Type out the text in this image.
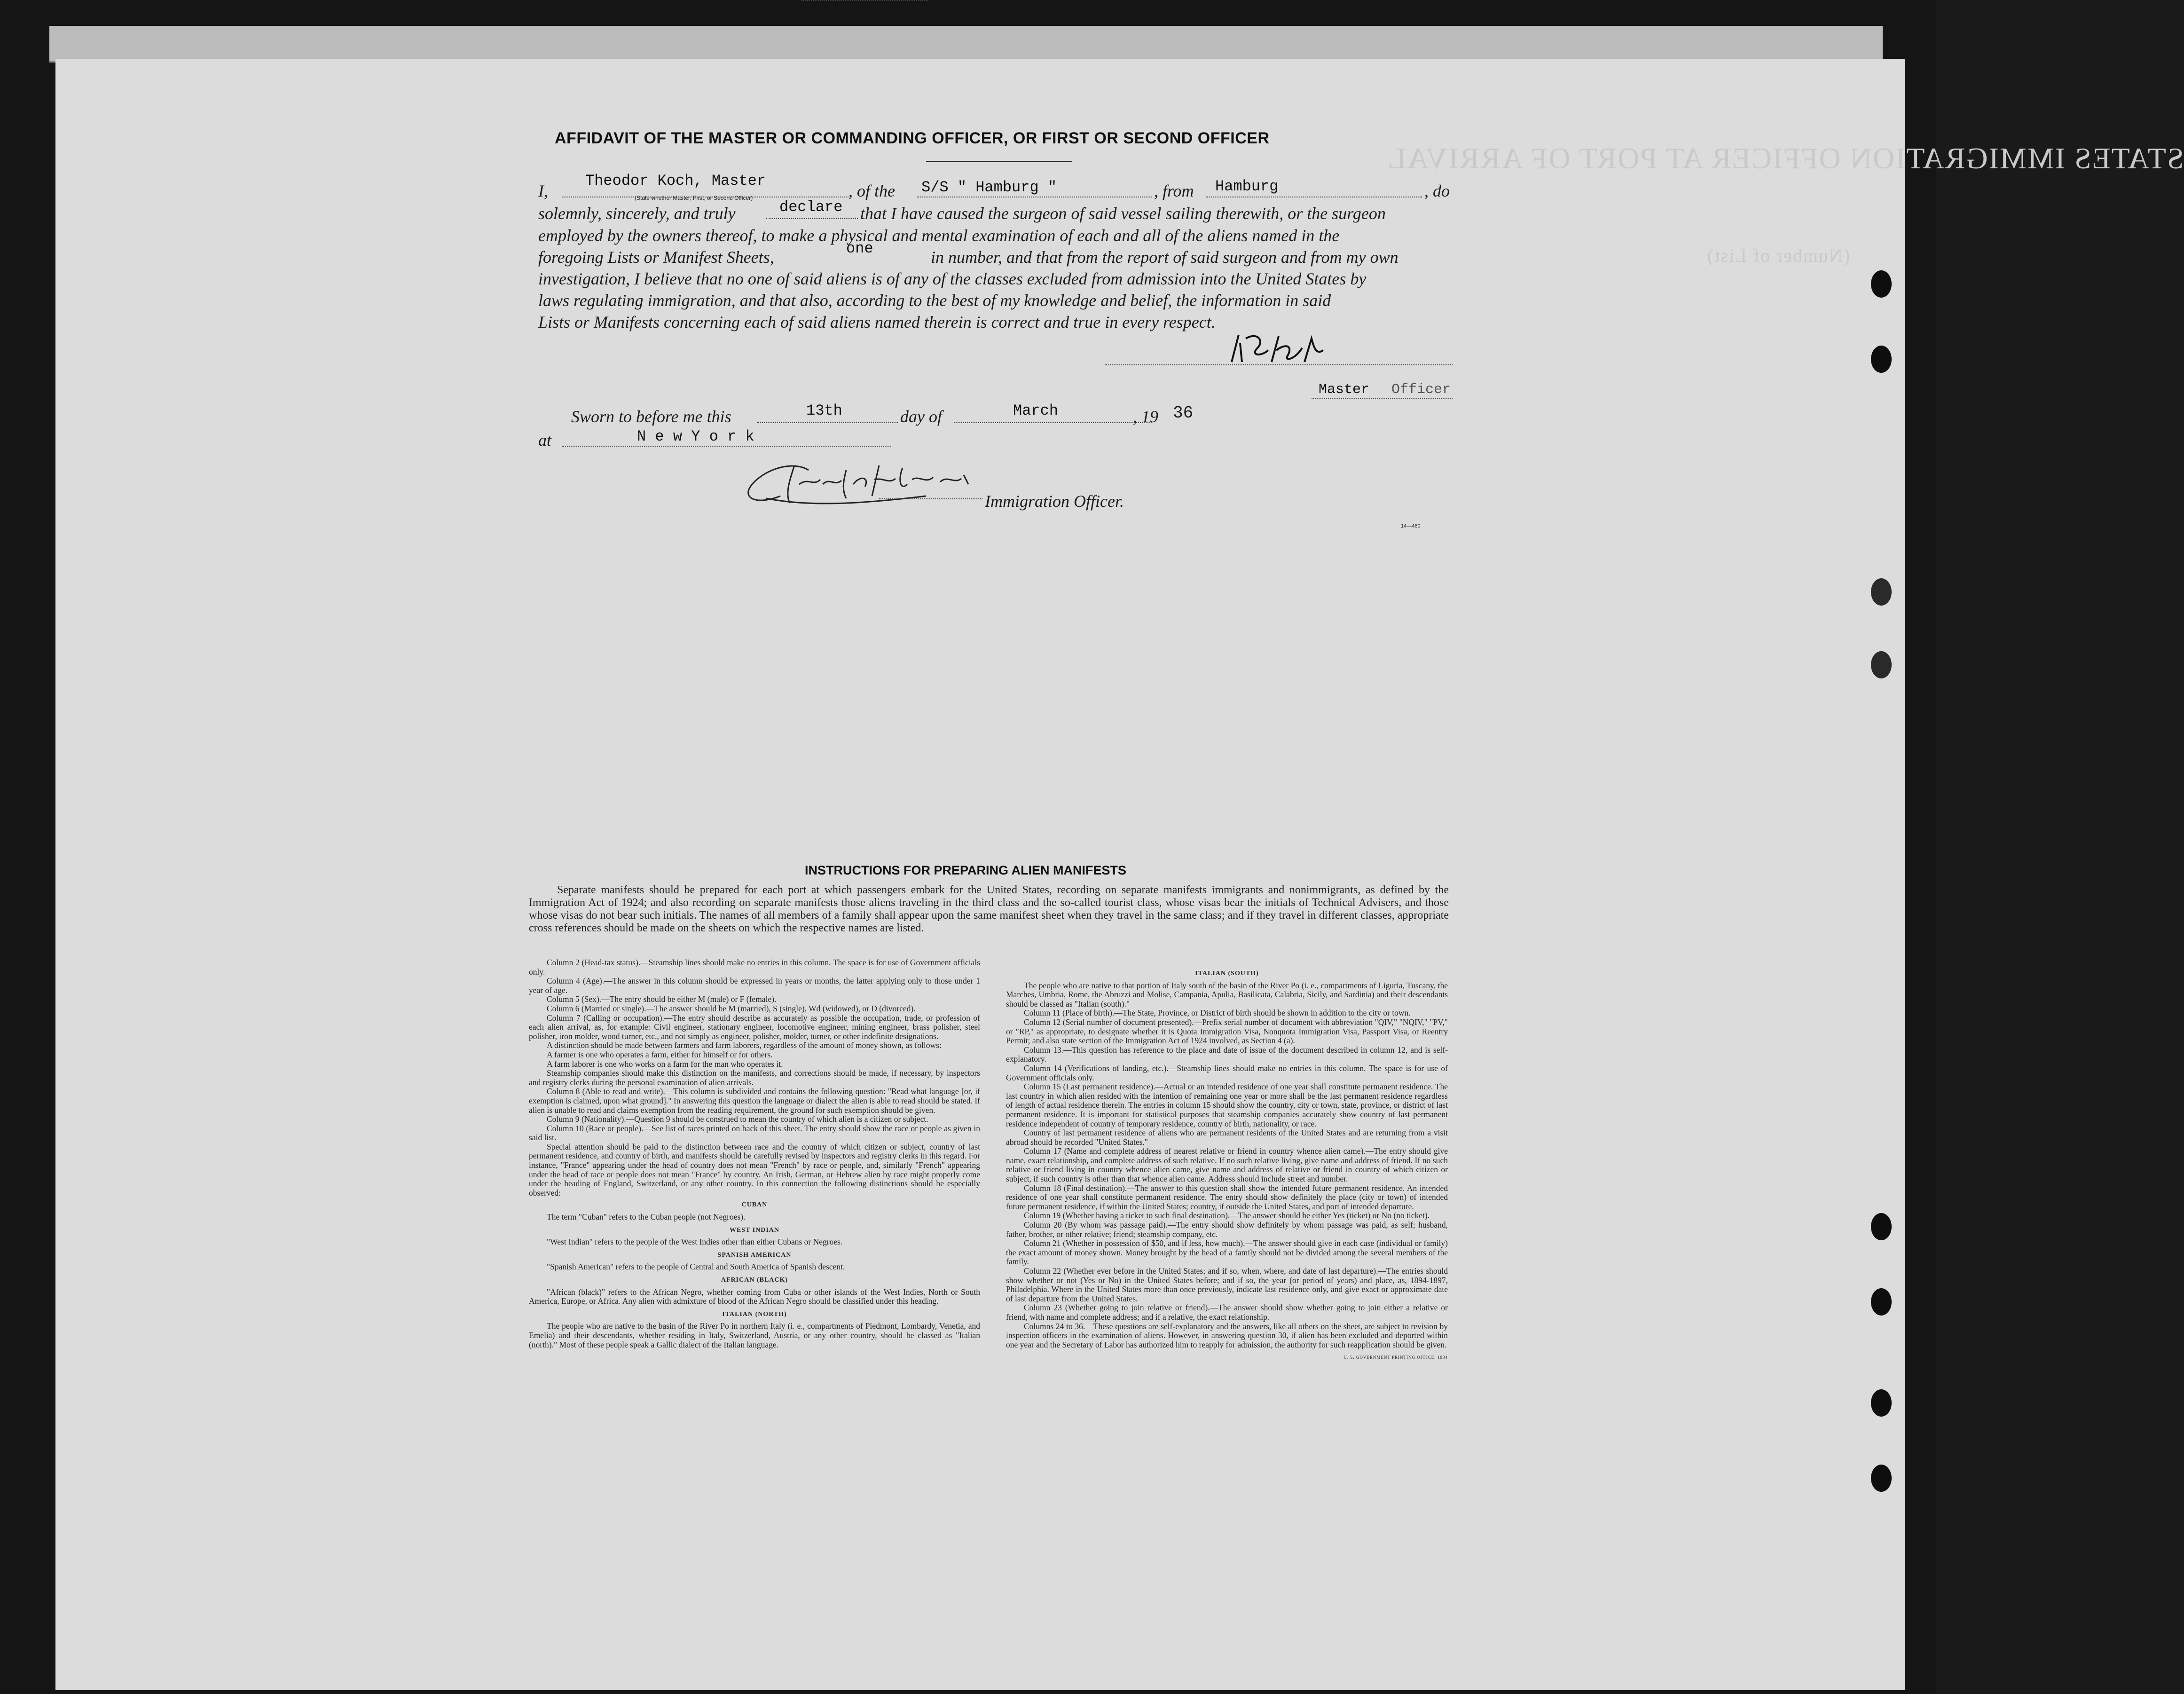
STATES IMMIGRATION OFFICER AT PORT OF ARRIVAL
(Number of List)
AFFIDAVIT OF THE MASTER OR COMMANDING OFFICER, OR FIRST OR SECOND OFFICER
I,
Theodor Koch, Master
(State whether Master, First, or Second Officer)	, of the S/S " Hamburg "	, from Hamburg	, do
solemnly, sincerely, and truly	declare that I have caused the surgeon of said vessel sailing therewith, or the surgeon
employed by the owners thereof, to make a physical and mental examination of each and all of the aliens named in the
foregoing Lists or Manifest Sheets,	one	in number, and that from the report of said surgeon and from my own
investigation, I believe that no one of said aliens is of any of the classes excluded from admission into the United States by
laws regulating immigration, and that also, according to the best of my knowledge and belief, the information in said
Lists or Manifests concerning each of said aliens named therein is correct and true in every respect.
Master Officer
Sworn to before me this	13th	day of	March	, 19 36
at	N e w Y o r k
Immigration Officer.
14—480
INSTRUCTIONS FOR PREPARING ALIEN MANIFESTS
Separate manifests should be prepared for each port at which passengers embark for the United States, recording on separate manifests immigrants and nonimmigrants, as defined by the Immigration Act of 1924; and also recording on separate manifests those aliens traveling in the third class and the so-called tourist class, whose visas bear the initials of Technical Advisers, and those whose visas do not bear such initials. The names of all members of a family shall appear upon the same manifest sheet when they travel in the same class; and if they travel in different classes, appropriate cross references should be made on the sheets on which the respective names are listed.

Column 2 (Head-tax status).—Steamship lines should make no entries in this column. The space is for use of Government officials only.

Column 4 (Age).—The answer in this column should be expressed in years or months, the latter applying only to those under 1 year of age.

Column 5 (Sex).—The entry should be either M (male) or F (female).

Column 6 (Married or single).—The answer should be M (married), S (single), Wd (widowed), or D (divorced).

Column 7 (Calling or occupation).—The entry should describe as accurately as possible the occupation, trade, or profession of each alien arrival, as, for example: Civil engineer, stationary engineer, locomotive engineer, mining engineer, brass polisher, steel polisher, iron molder, wood turner, etc., and not simply as engineer, polisher, molder, turner, or other indefinite designations.

A distinction should be made between farmers and farm laborers, regardless of the amount of money shown, as follows:

A farmer is one who operates a farm, either for himself or for others.

A farm laborer is one who works on a farm for the man who operates it.

Steamship companies should make this distinction on the manifests, and corrections should be made, if necessary, by inspectors and registry clerks during the personal examination of alien arrivals.

Column 8 (Able to read and write).—This column is subdivided and contains the following question: "Read what language [or, if exemption is claimed, upon what ground]." In answering this question the language or dialect the alien is able to read should be stated. If alien is unable to read and claims exemption from the reading requirement, the ground for such exemption should be given.

Column 9 (Nationality).—Question 9 should be construed to mean the country of which alien is a citizen or subject.

Column 10 (Race or people).—See list of races printed on back of this sheet. The entry should show the race or people as given in said list.

Special attention should be paid to the distinction between race and the country of which citizen or subject, country of last permanent residence, and country of birth, and manifests should be carefully revised by inspectors and registry clerks in this regard. For instance, "France" appearing under the head of country does not mean "French" by race or people, and, similarly "French" appearing under the head of race or people does not mean "France" by country. An Irish, German, or Hebrew alien by race might properly come under the heading of England, Switzerland, or any other country. In this connection the following distinctions should be especially observed:

CUBAN

The term "Cuban" refers to the Cuban people (not Negroes).

WEST INDIAN

"West Indian" refers to the people of the West Indies other than either Cubans or Negroes.

SPANISH AMERICAN

"Spanish American" refers to the people of Central and South America of Spanish descent.

AFRICAN (BLACK)

"African (black)" refers to the African Negro, whether coming from Cuba or other islands of the West Indies, North or South America, Europe, or Africa. Any alien with admixture of blood of the African Negro should be classified under this heading.

ITALIAN (NORTH)

The people who are native to the basin of the River Po in northern Italy (i. e., compartments of Piedmont, Lombardy, Venetia, and Emelia) and their descendants, whether residing in Italy, Switzerland, Austria, or any other country, should be classed as "Italian (north)." Most of these people speak a Gallic dialect of the Italian language.

ITALIAN (SOUTH)

The people who are native to that portion of Italy south of the basin of the River Po (i. e., compartments of Liguria, Tuscany, the Marches, Umbria, Rome, the Abruzzi and Molise, Campania, Apulia, Basilicata, Calabria, Sicily, and Sardinia) and their descendants should be classed as "Italian (south)."

Column 11 (Place of birth).—The State, Province, or District of birth should be shown in addition to the city or town.

Column 12 (Serial number of document presented).—Prefix serial number of document with abbreviation "QIV," "NQIV," "PV," or "RP," as appropriate, to designate whether it is Quota Immigration Visa, Nonquota Immigration Visa, Passport Visa, or Reentry Permit; and also state section of the Immigration Act of 1924 involved, as Section 4 (a).

Column 13.—This question has reference to the place and date of issue of the document described in column 12, and is self-explanatory.

Column 14 (Verifications of landing, etc.).—Steamship lines should make no entries in this column. The space is for use of Government officials only.

Column 15 (Last permanent residence).—Actual or an intended residence of one year shall constitute permanent residence. The last country in which alien resided with the intention of remaining one year or more shall be the last permanent residence regardless of length of actual residence therein. The entries in column 15 should show the country, city or town, state, province, or district of last permanent residence. It is important for statistical purposes that steamship companies accurately show country of last permanent residence independent of country of temporary residence, country of birth, nationality, or race.

Country of last permanent residence of aliens who are permanent residents of the United States and are returning from a visit abroad should be recorded "United States."

Column 17 (Name and complete address of nearest relative or friend in country whence alien came).—The entry should give name, exact relationship, and complete address of such relative. If no such relative living, give name and address of friend. If no such relative or friend living in country whence alien came, give name and address of relative or friend in country of which citizen or subject, if such country is other than that whence alien came. Address should include street and number.

Column 18 (Final destination).—The answer to this question shall show the intended future permanent residence. An intended residence of one year shall constitute permanent residence. The entry should show definitely the place (city or town) of intended future permanent residence, if within the United States; country, if outside the United States, and port of intended departure.

Column 19 (Whether having a ticket to such final destination).—The answer should be either Yes (ticket) or No (no ticket).

Column 20 (By whom was passage paid).—The entry should show definitely by whom passage was paid, as self; husband, father, brother, or other relative; friend; steamship company, etc.

Column 21 (Whether in possession of $50, and if less, how much).—The answer should give in each case (individual or family) the exact amount of money shown. Money brought by the head of a family should not be divided among the several members of the family.

Column 22 (Whether ever before in the United States; and if so, when, where, and date of last departure).—The entries should show whether or not (Yes or No) in the United States before; and if so, the year (or period of years) and place, as, 1894-1897, Philadelphia. Where in the United States more than once previously, indicate last residence only, and give exact or approximate date of last departure from the United States.

Column 23 (Whether going to join relative or friend).—The answer should show whether going to join either a relative or friend, with name and complete address; and if a relative, the exact relationship.

Columns 24 to 36.—These questions are self-explanatory and the answers, like all others on the sheet, are subject to revision by inspection officers in the examination of aliens. However, in answering question 30, if alien has been excluded and deported within one year and the Secretary of Labor has authorized him to reapply for admission, the authority for such reapplication should be given.

U. S. GOVERNMENT PRINTING OFFICE: 1934
